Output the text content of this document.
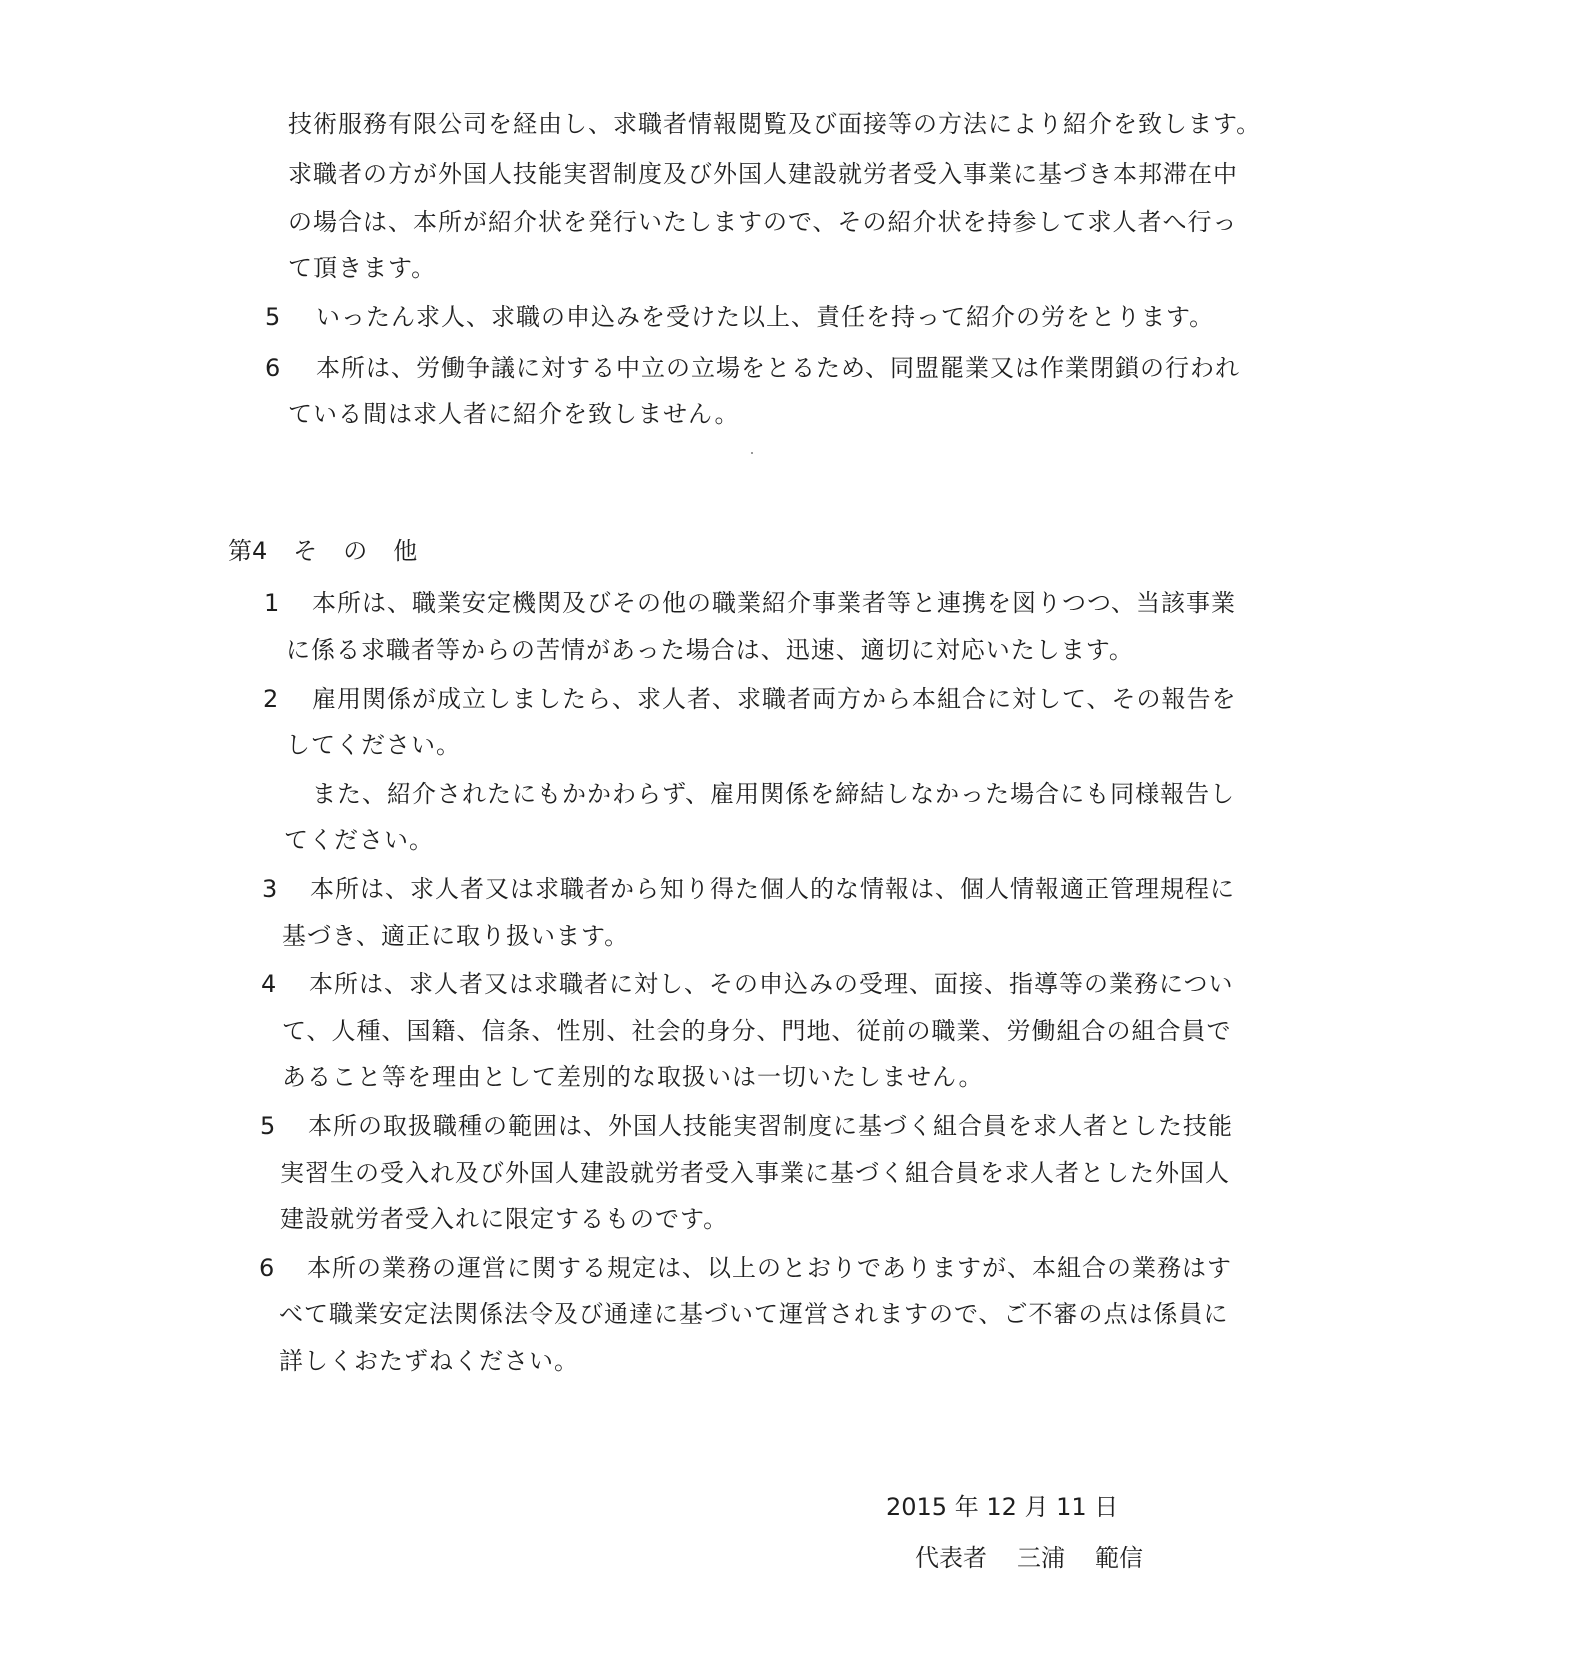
技術服務有限公司を経由し、求職者情報閲覧及び面接等の方法により紹介を致します。
求職者の方が外国人技能実習制度及び外国人建設就労者受入事業に基づき本邦滞在中
の場合は、本所が紹介状を発行いたしますので、その紹介状を持参して求人者へ行っ
て頂きます。
5 いったん求人、求職の申込みを受けた以上、責任を持って紹介の労をとります。
6 本所は、労働争議に対する中立の立場をとるため、同盟罷業又は作業閉鎖の行われ
ている間は求人者に紹介を致しません。
第4 そ の 他
1 本所は、職業安定機関及びその他の職業紹介事業者等と連携を図りつつ、当該事業
に係る求職者等からの苦情があった場合は、迅速、適切に対応いたします。
2 雇用関係が成立しましたら、求人者、求職者両方から本組合に対して、その報告を
してください。
また、紹介されたにもかかわらず、雇用関係を締結しなかった場合にも同様報告し
てください。
3 本所は、求人者又は求職者から知り得た個人的な情報は、個人情報適正管理規程に
基づき、適正に取り扱います。
4 本所は、求人者又は求職者に対し、その申込みの受理、面接、指導等の業務につい
て、人種、国籍、信条、性別、社会的身分、門地、従前の職業、労働組合の組合員で
あること等を理由として差別的な取扱いは一切いたしません。
5 本所の取扱職種の範囲は、外国人技能実習制度に基づく組合員を求人者とした技能
実習生の受入れ及び外国人建設就労者受入事業に基づく組合員を求人者とした外国人
建設就労者受入れに限定するものです。
6 本所の業務の運営に関する規定は、以上のとおりでありますが、本組合の業務はす
べて職業安定法関係法令及び通達に基づいて運営されますので、ご不審の点は係員に
詳しくおたずねください。
2015 年 12 月 11 日
代表者 三浦 範信
